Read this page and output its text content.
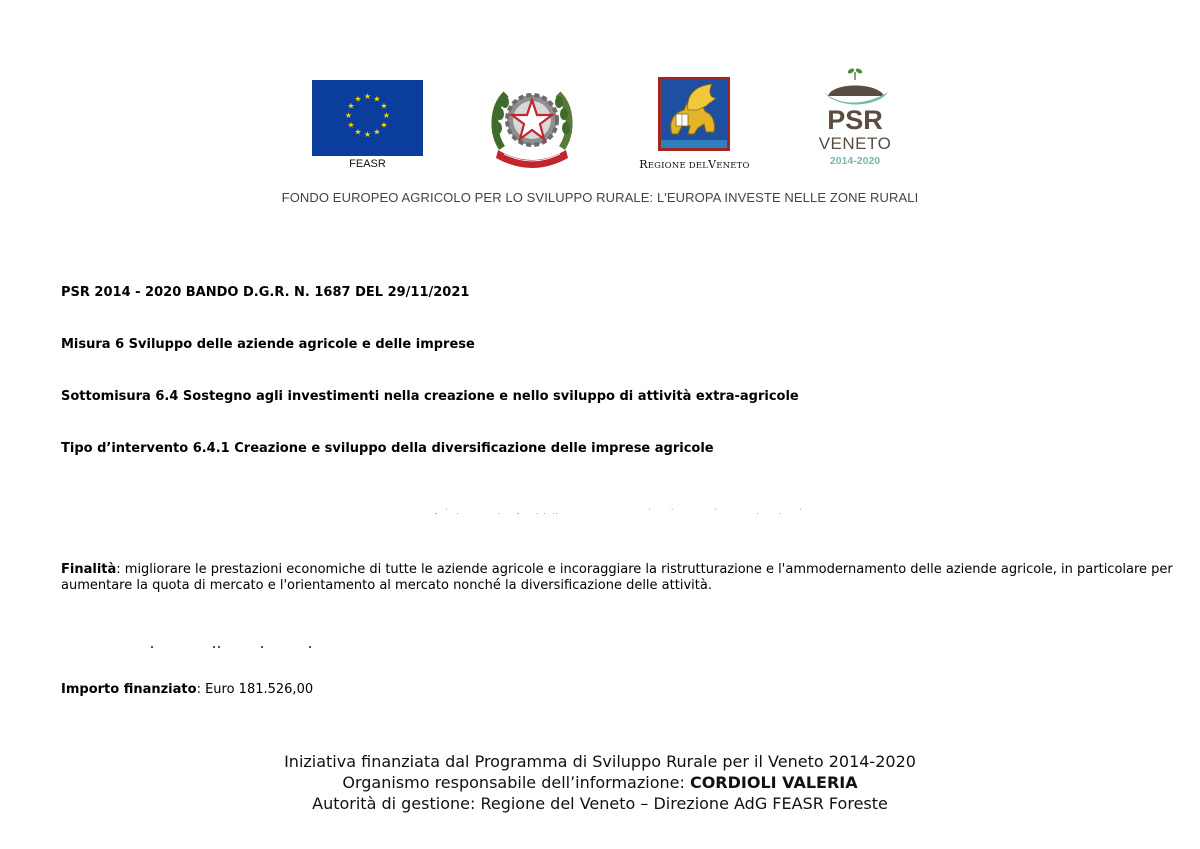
★ ★
★
★
★
★
★
★
★
★
★
★
FEASR	REGIONE DELVENETO
PSR
VENETO
2014-2020
FONDO EUROPEO AGRICOLO PER LO SVILUPPO RURALE: L'EUROPA INVESTE NELLE ZONE RURALI
PSR 2014 - 2020 BANDO D.G.R. N. 1687 DEL 29/11/2021
Misura 6 Sviluppo delle aziende agricole e delle imprese
Sottomisura 6.4 Sostegno agli investimenti nella creazione e nello sviluppo di attività extra-agricole
Tipo d’intervento 6.4.1 Creazione e sviluppo della diversificazione delle imprese agricole
Finalità: migliorare le prestazioni economiche di tutte le aziende agricole e incoraggiare la ristrutturazione e l'ammodernamento delle aziende agricole, in particolare per aumentare la quota di mercato e l'orientamento al mercato nonché la diversificazione delle attività.
Importo finanziato: Euro 181.526,00
Iniziativa finanziata dal Programma di Sviluppo Rurale per il Veneto 2014-2020
Organismo responsabile dell’informazione: CORDIOLI VALERIA
Autorità di gestione: Regione del Veneto – Direzione AdG FEASR Foreste
